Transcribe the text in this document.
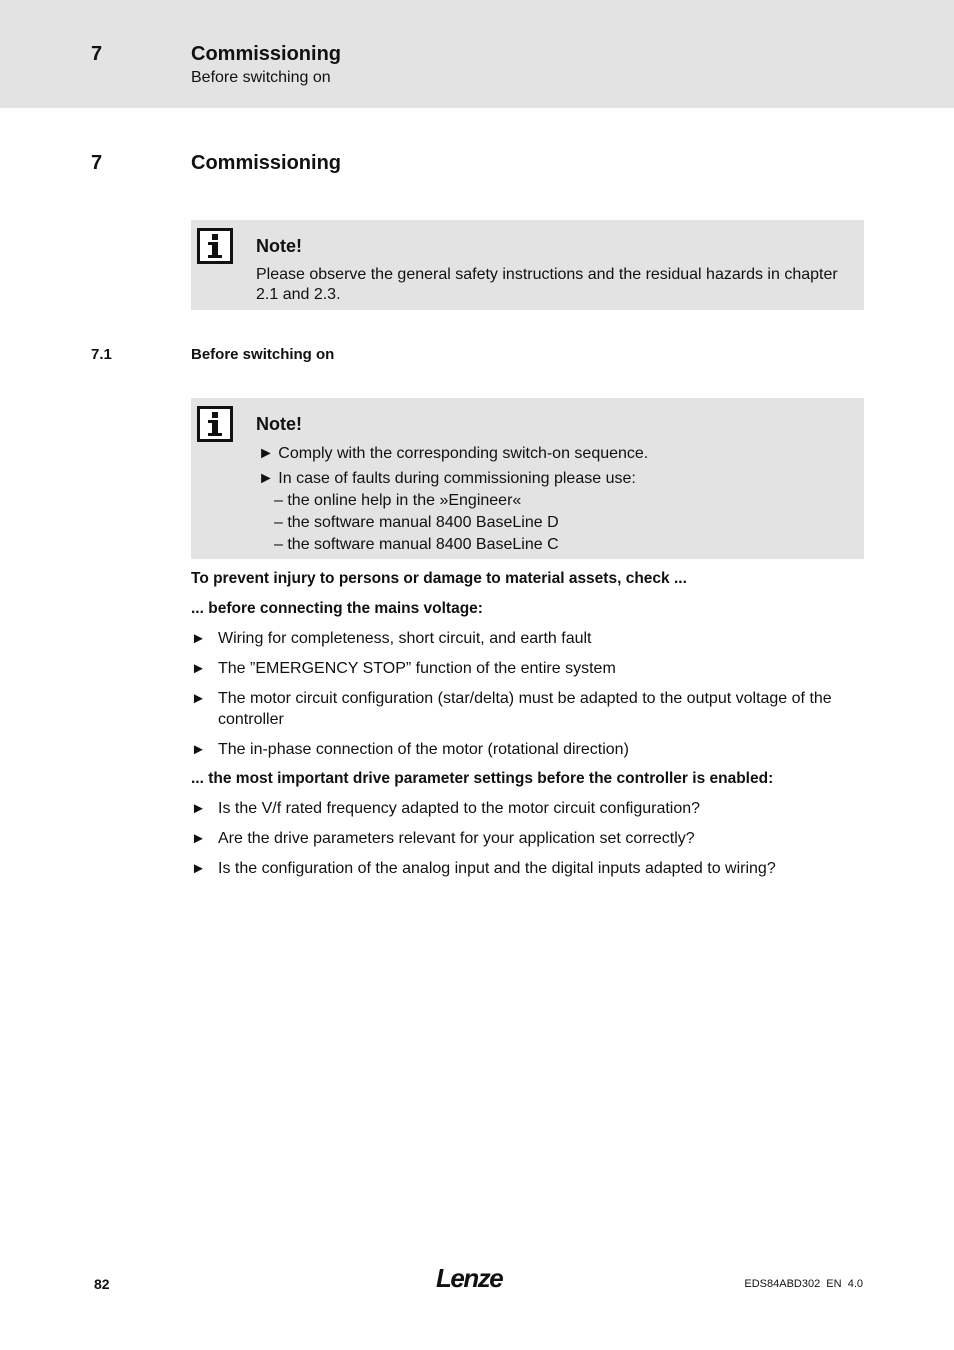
7	Commissioning
Before switching on
7	Commissioning
Note!
Please observe the general safety instructions and the residual hazards in chapter 2.1 and 2.3.
7.1	Before switching on
Note!
► Comply with the corresponding switch-on sequence.
► In case of faults during commissioning please use:
– the online help in the »Engineer«
– the software manual 8400 BaseLine D
– the software manual 8400 BaseLine C
To prevent injury to persons or damage to material assets, check ...
... before connecting the mains voltage:
► Wiring for completeness, short circuit, and earth fault
► The ”EMERGENCY STOP” function of the entire system
► The motor circuit configuration (star/delta) must be adapted to the output voltage of the controller
► The in-phase connection of the motor (rotational direction)
... the most important drive parameter settings before the controller is enabled:
► Is the V/f rated frequency adapted to the motor circuit configuration?
► Are the drive parameters relevant for your application set correctly?
► Is the configuration of the analog input and the digital inputs adapted to wiring?
82	Lenze	EDS84ABD302  EN  4.0
